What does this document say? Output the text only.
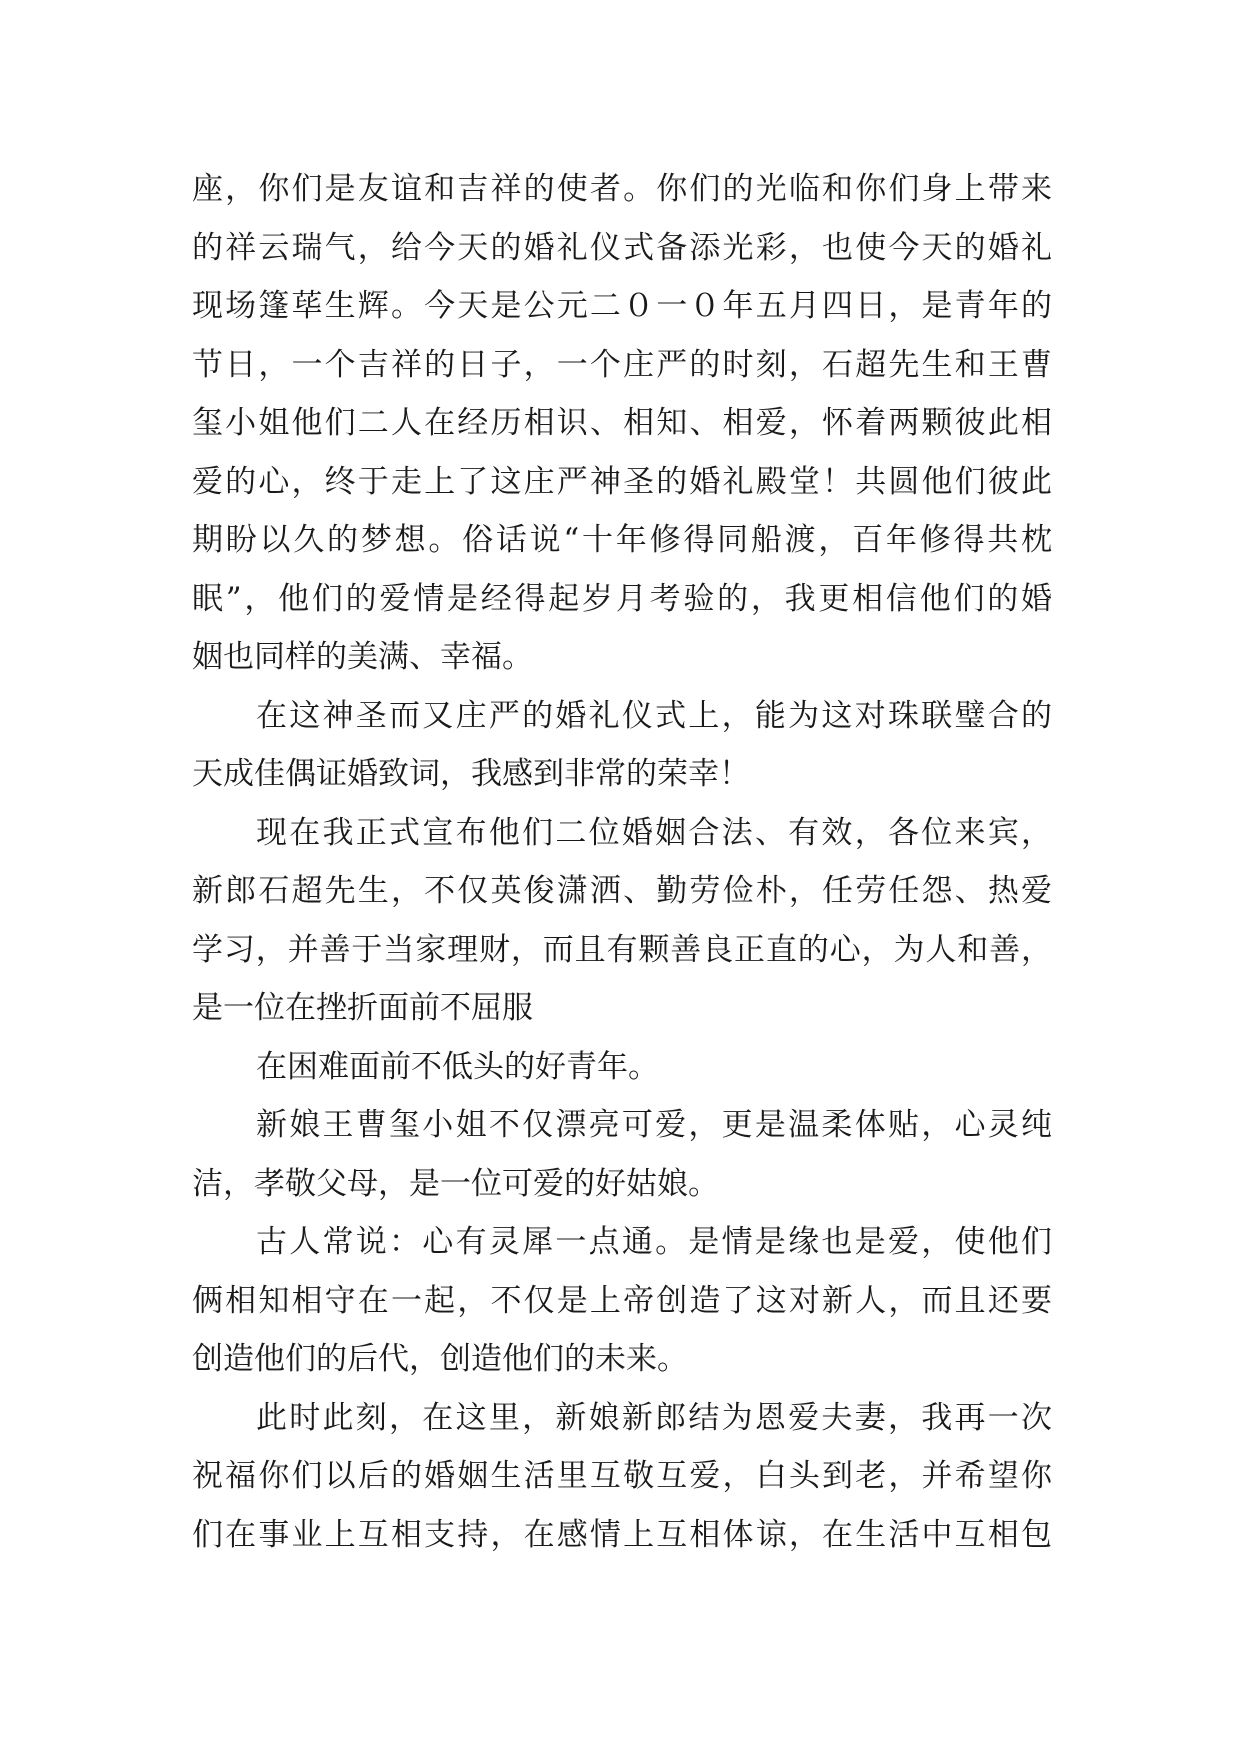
座，你们是友谊和吉祥的使者。你们的光临和你们身上带来
的祥云瑞气，给今天的婚礼仪式备添光彩，也使今天的婚礼
现场篷荜生辉。今天是公元二０一０年五月四日，是青年的
节日，一个吉祥的日子，一个庄严的时刻，石超先生和王曹
玺小姐他们二人在经历相识、相知、相爱，怀着两颗彼此相
爱的心，终于走上了这庄严神圣的婚礼殿堂！共圆他们彼此
期盼以久的梦想。俗话说“十年修得同船渡，百年修得共枕
眠”，他们的爱情是经得起岁月考验的，我更相信他们的婚
姻也同样的美满、幸福。
在这神圣而又庄严的婚礼仪式上，能为这对珠联璧合的
天成佳偶证婚致词，我感到非常的荣幸！
现在我正式宣布他们二位婚姻合法、有效，各位来宾，
新郎石超先生，不仅英俊潇洒、勤劳俭朴，任劳任怨、热爱
学习，并善于当家理财，而且有颗善良正直的心，为人和善，
是一位在挫折面前不屈服
在困难面前不低头的好青年。
新娘王曹玺小姐不仅漂亮可爱，更是温柔体贴，心灵纯
洁，孝敬父母，是一位可爱的好姑娘。
古人常说：心有灵犀一点通。是情是缘也是爱，使他们
俩相知相守在一起，不仅是上帝创造了这对新人，而且还要
创造他们的后代，创造他们的未来。
此时此刻，在这里，新娘新郎结为恩爱夫妻，我再一次
祝福你们以后的婚姻生活里互敬互爱，白头到老，并希望你
们在事业上互相支持，在感情上互相体谅，在生活中互相包
